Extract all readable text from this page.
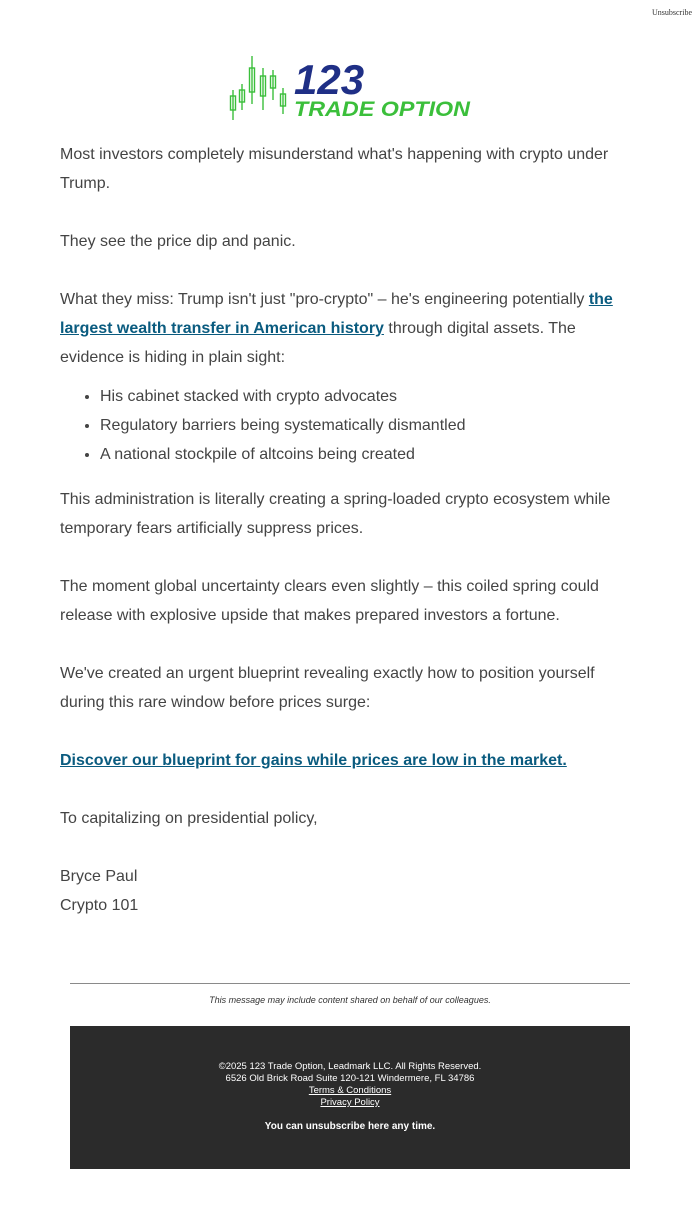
Unsubscribe
123
TRADE OPTION

Most investors completely misunderstand what's happening with crypto under Trump.

They see the price dip and panic.

What they miss: Trump isn't just "pro-crypto" – he's engineering potentially the largest wealth transfer in American history through digital assets. The evidence is hiding in plain sight:

• His cabinet stacked with crypto advocates
• Regulatory barriers being systematically dismantled
• A national stockpile of altcoins being created

This administration is literally creating a spring-loaded crypto ecosystem while temporary fears artificially suppress prices.

The moment global uncertainty clears even slightly – this coiled spring could release with explosive upside that makes prepared investors a fortune.

We've created an urgent blueprint revealing exactly how to position yourself during this rare window before prices surge:

Discover our blueprint for gains while prices are low in the market.

To capitalizing on presidential policy,

Bryce Paul

Crypto 101

This message may include content shared on behalf of our colleagues.
©2025 123 Trade Option, Leadmark LLC. All Rights Reserved.
6526 Old Brick Road Suite 120-121 Windermere, FL 34786
Terms & Conditions
Privacy Policy
You can unsubscribe here any time.
